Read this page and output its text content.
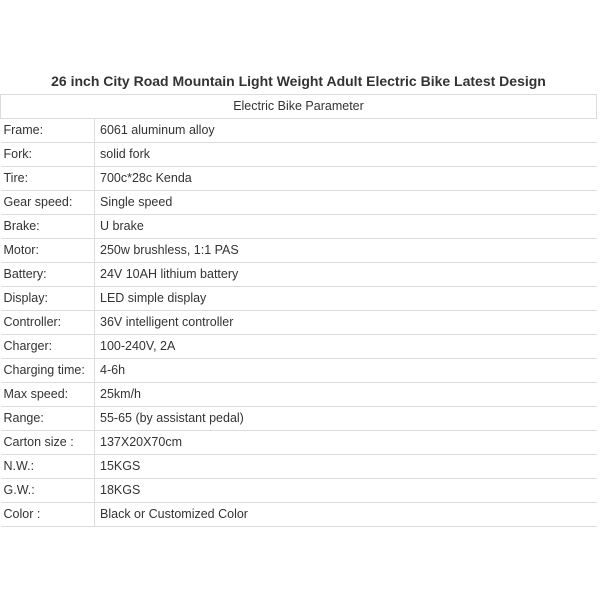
26 inch City Road Mountain Light Weight Adult Electric Bike Latest Design	
Electric Bike Parameter	
Frame:	6061 aluminum alloy
Fork:	solid fork
Tire:	700c*28c Kenda
Gear speed:	Single speed
Brake:	U brake
Motor:	250w brushless, 1:1 PAS
Battery:	24V 10AH lithium battery
Display:	LED simple display
Controller:	36V intelligent controller
Charger:	100-240V, 2A
Charging time:	4-6h
Max speed:	25km/h
Range:	55-65 (by assistant pedal)
Carton size :	137X20X70cm
N.W.:	15KGS
G.W.:	18KGS
Color :	Black or Customized Color
